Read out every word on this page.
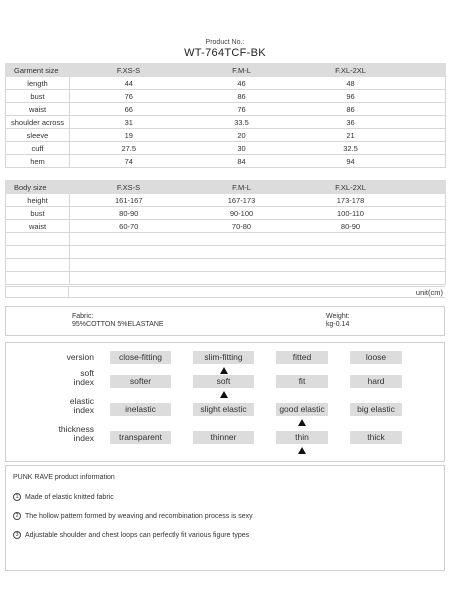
Product No.:
WT-764TCF-BK
Garment size	F.XS-S	F.M-L	F.XL-2XL	
length	44	46	48	
bust	76	86	96	
waist	66	76	86	
shoulder across	31	33.5	36	
sleeve	19	20	21	
cuff	27.5	30	32.5	
hem	74	84	94	
Body size	F.XS-S	F.M-L	F.XL-2XL	
height	161-167	167-173	173-178	
bust	80-90	90-100	100-110	
waist	60-70	70-80	80-90	

unit(cm)
Fabric:
95%COTTON 5%ELASTANE
Weight:
kg-0.14
version	close-fitting	slim-fitting	fitted	loose
soft
index	softer	soft	fit	hard
elastic
index	inelastic	slight elastic	good elastic	big elastic
thickness
index	transparent	thinner	thin	thick
PUNK RAVE product information
1 Made of elastic knitted fabric
2 The hollow pattern formed by weaving and recombination process is sexy
3 Adjustable shoulder and chest loops can perfectly fit various figure types
